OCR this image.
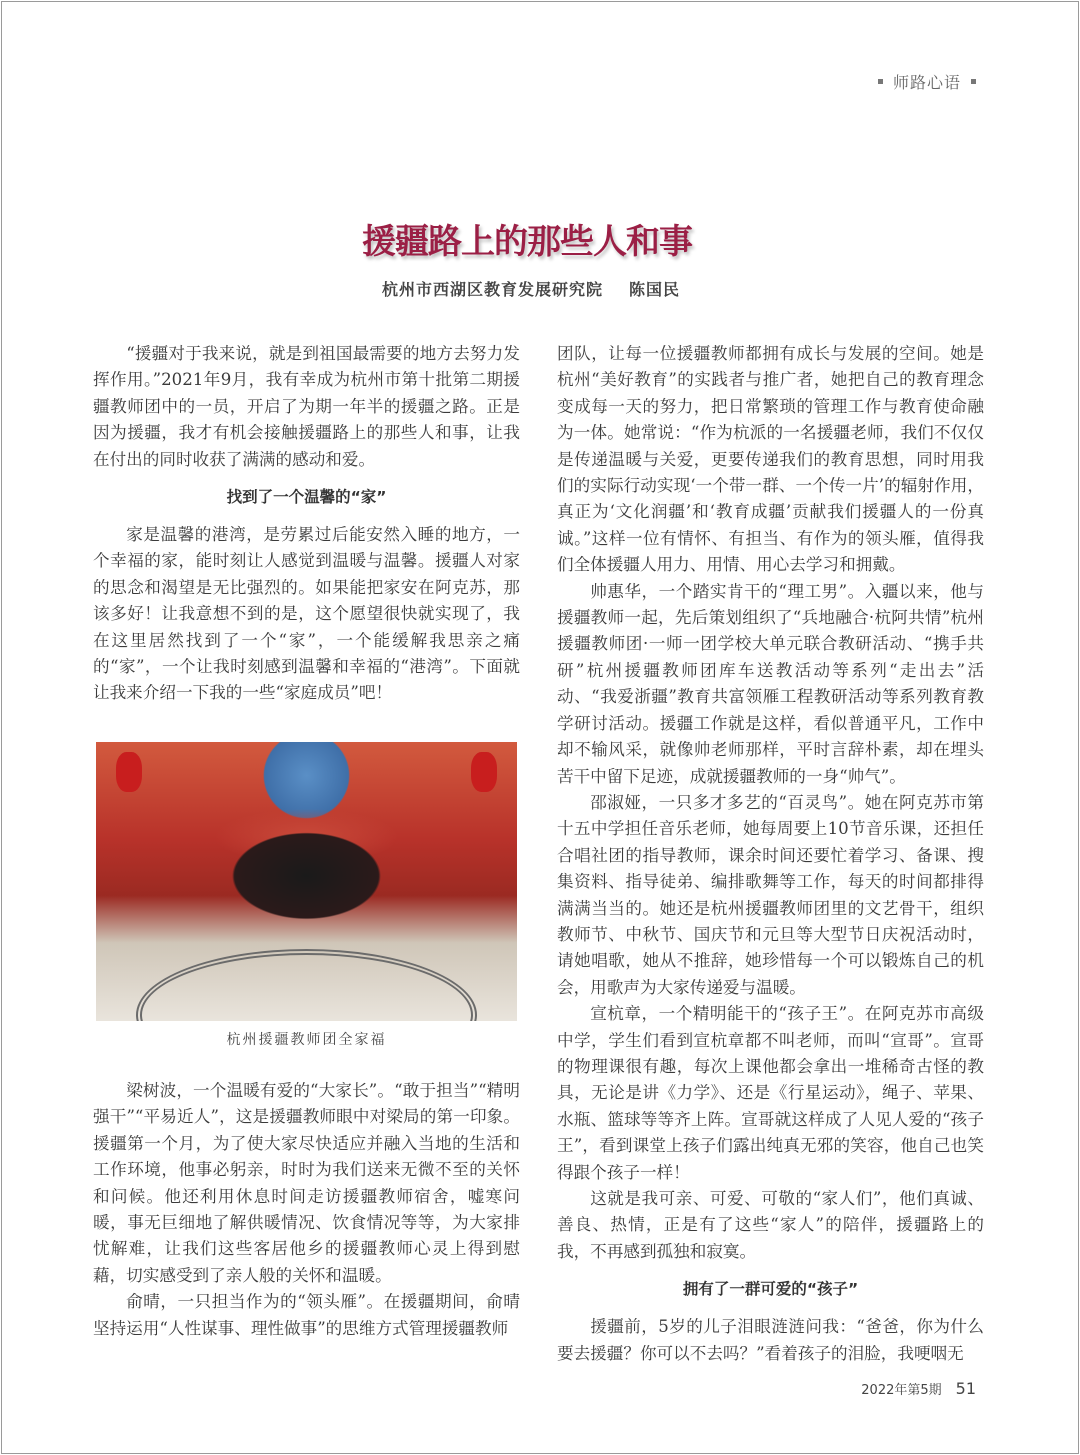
师路心语
援疆路上的那些人和事
杭州市西湖区教育发展研究院 陈国民

“援疆对于我来说，就是到祖国最需要的地方去努力发挥作用。”2021年9月，我有幸成为杭州市第十批第二期援疆教师团中的一员，开启了为期一年半的援疆之路。正是因为援疆，我才有机会接触援疆路上的那些人和事，让我在付出的同时收获了满满的感动和爱。

找到了一个温馨的“家”

家是温馨的港湾，是劳累过后能安然入睡的地方，一个幸福的家，能时刻让人感觉到温暖与温馨。援疆人对家的思念和渴望是无比强烈的。如果能把家安在阿克苏，那该多好！让我意想不到的是，这个愿望很快就实现了，我在这里居然找到了一个“家”，一个能缓解我思亲之痛的“家”，一个让我时刻感到温馨和幸福的“港湾”。下面就让我来介绍一下我的一些“家庭成员”吧！

杭州援疆教师团全家福

梁树波，一个温暖有爱的“大家长”。“敢于担当”“精明强干”“平易近人”，这是援疆教师眼中对梁局的第一印象。援疆第一个月，为了使大家尽快适应并融入当地的生活和工作环境，他事必躬亲，时时为我们送来无微不至的关怀和问候。他还利用休息时间走访援疆教师宿舍，嘘寒问暖，事无巨细地了解供暖情况、饮食情况等等，为大家排忧解难，让我们这些客居他乡的援疆教师心灵上得到慰藉，切实感受到了亲人般的关怀和温暖。

俞晴，一只担当作为的“领头雁”。在援疆期间，俞晴坚持运用“人性谋事、理性做事”的思维方式管理援疆教师

团队，让每一位援疆教师都拥有成长与发展的空间。她是杭州“美好教育”的实践者与推广者，她把自己的教育理念变成每一天的努力，把日常繁琐的管理工作与教育使命融为一体。她常说：“作为杭派的一名援疆老师，我们不仅仅是传递温暖与关爱，更要传递我们的教育思想，同时用我们的实际行动实现‘一个带一群、一个传一片’的辐射作用，真正为‘文化润疆’和‘教育成疆’贡献我们援疆人的一份真诚。”这样一位有情怀、有担当、有作为的领头雁，值得我们全体援疆人用力、用情、用心去学习和拥戴。

帅惠华，一个踏实肯干的“理工男”。入疆以来，他与援疆教师一起，先后策划组织了“兵地融合·杭阿共情”杭州援疆教师团·一师一团学校大单元联合教研活动、“携手共研”杭州援疆教师团库车送教活动等系列“走出去”活动、“我爱浙疆”教育共富领雁工程教研活动等系列教育教学研讨活动。援疆工作就是这样，看似普通平凡，工作中却不输风采，就像帅老师那样，平时言辞朴素，却在埋头苦干中留下足迹，成就援疆教师的一身“帅气”。

邵淑娅，一只多才多艺的“百灵鸟”。她在阿克苏市第十五中学担任音乐老师，她每周要上10节音乐课，还担任合唱社团的指导教师，课余时间还要忙着学习、备课、搜集资料、指导徒弟、编排歌舞等工作，每天的时间都排得满满当当的。她还是杭州援疆教师团里的文艺骨干，组织教师节、中秋节、国庆节和元旦等大型节日庆祝活动时，请她唱歌，她从不推辞，她珍惜每一个可以锻炼自己的机会，用歌声为大家传递爱与温暖。

宣杭章，一个精明能干的“孩子王”。在阿克苏市高级中学，学生们看到宣杭章都不叫老师，而叫“宣哥”。宣哥的物理课很有趣，每次上课他都会拿出一堆稀奇古怪的教具，无论是讲《力学》、还是《行星运动》，绳子、苹果、水瓶、篮球等等齐上阵。宣哥就这样成了人见人爱的“孩子王”，看到课堂上孩子们露出纯真无邪的笑容，他自己也笑得跟个孩子一样！

这就是我可亲、可爱、可敬的“家人们”，他们真诚、善良、热情，正是有了这些“家人”的陪伴，援疆路上的我，不再感到孤独和寂寞。

拥有了一群可爱的“孩子”

援疆前，5岁的儿子泪眼涟涟问我：“爸爸，你为什么要去援疆？你可以不去吗？”看着孩子的泪脸，我哽咽无

2022年第5期 51
